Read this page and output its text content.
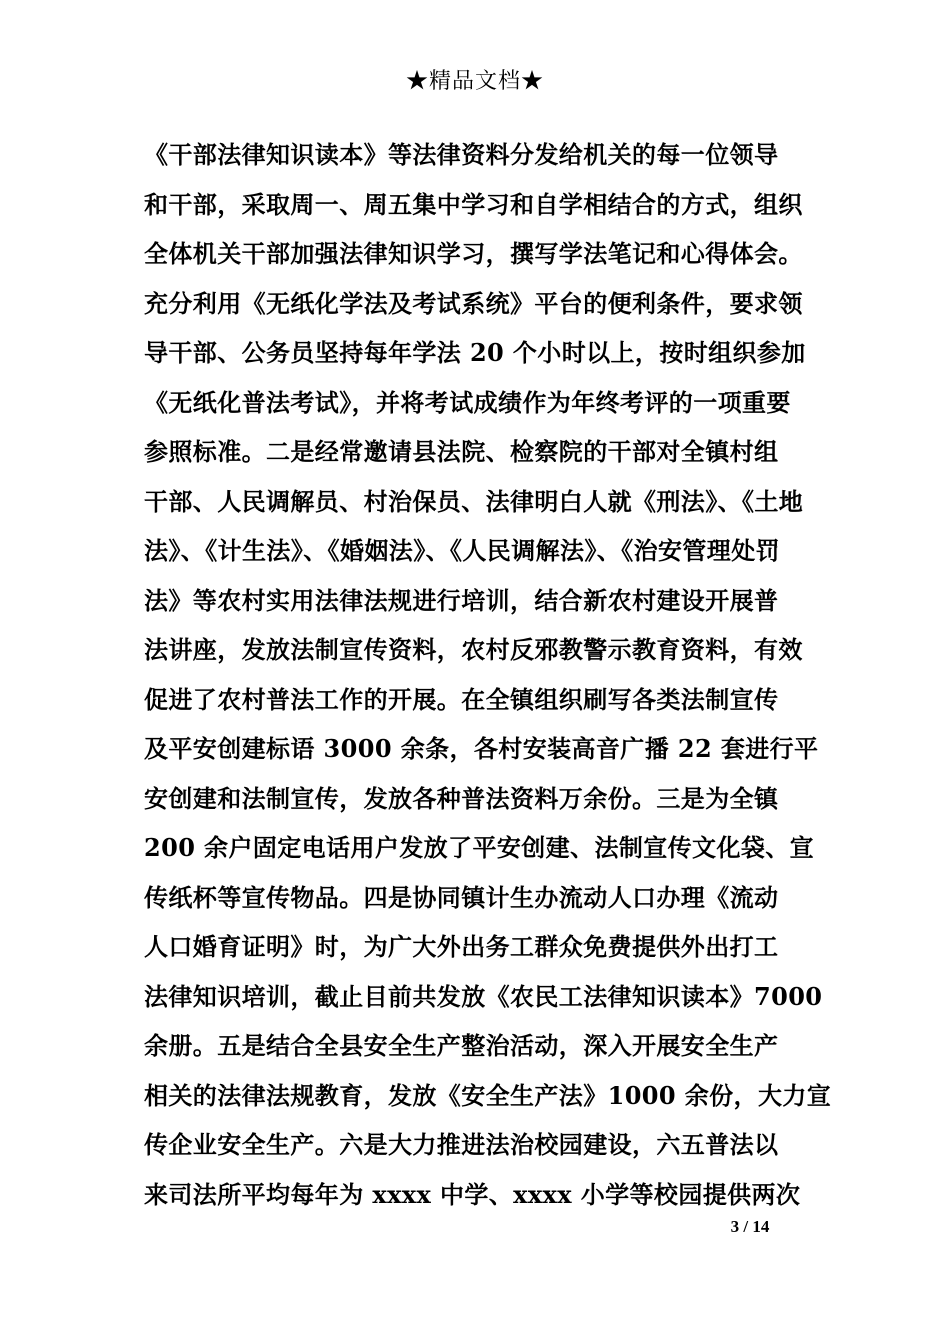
★精品文档★
《干部法律知识读本》等法律资料分发给机关的每一位领导
和干部，采取周一、周五集中学习和自学相结合的方式，组织
全体机关干部加强法律知识学习，撰写学法笔记和心得体会。
充分利用《无纸化学法及考试系统》平台的便利条件，要求领
导干部、公务员坚持每年学法 20 个小时以上，按时组织参加
《无纸化普法考试》，并将考试成绩作为年终考评的一项重要
参照标准。二是经常邀请县法院、检察院的干部对全镇村组
干部、人民调解员、村治保员、法律明白人就《刑法》、《土地
法》、《计生法》、《婚姻法》、《人民调解法》、《治安管理处罚
法》等农村实用法律法规进行培训，结合新农村建设开展普
法讲座，发放法制宣传资料，农村反邪教警示教育资料，有效
促进了农村普法工作的开展。在全镇组织刷写各类法制宣传
及平安创建标语 3000 余条，各村安装高音广播 22 套进行平
安创建和法制宣传，发放各种普法资料万余份。三是为全镇
200 余户固定电话用户发放了平安创建、法制宣传文化袋、宣
传纸杯等宣传物品。四是协同镇计生办流动人口办理《流动
人口婚育证明》时，为广大外出务工群众免费提供外出打工
法律知识培训，截止目前共发放《农民工法律知识读本》7000
余册。五是结合全县安全生产整治活动，深入开展安全生产
相关的法律法规教育，发放《安全生产法》1000 余份，大力宣
传企业安全生产。六是大力推进法治校园建设，六五普法以
来司法所平均每年为 xxxx 中学、xxxx 小学等校园提供两次
3 / 14
